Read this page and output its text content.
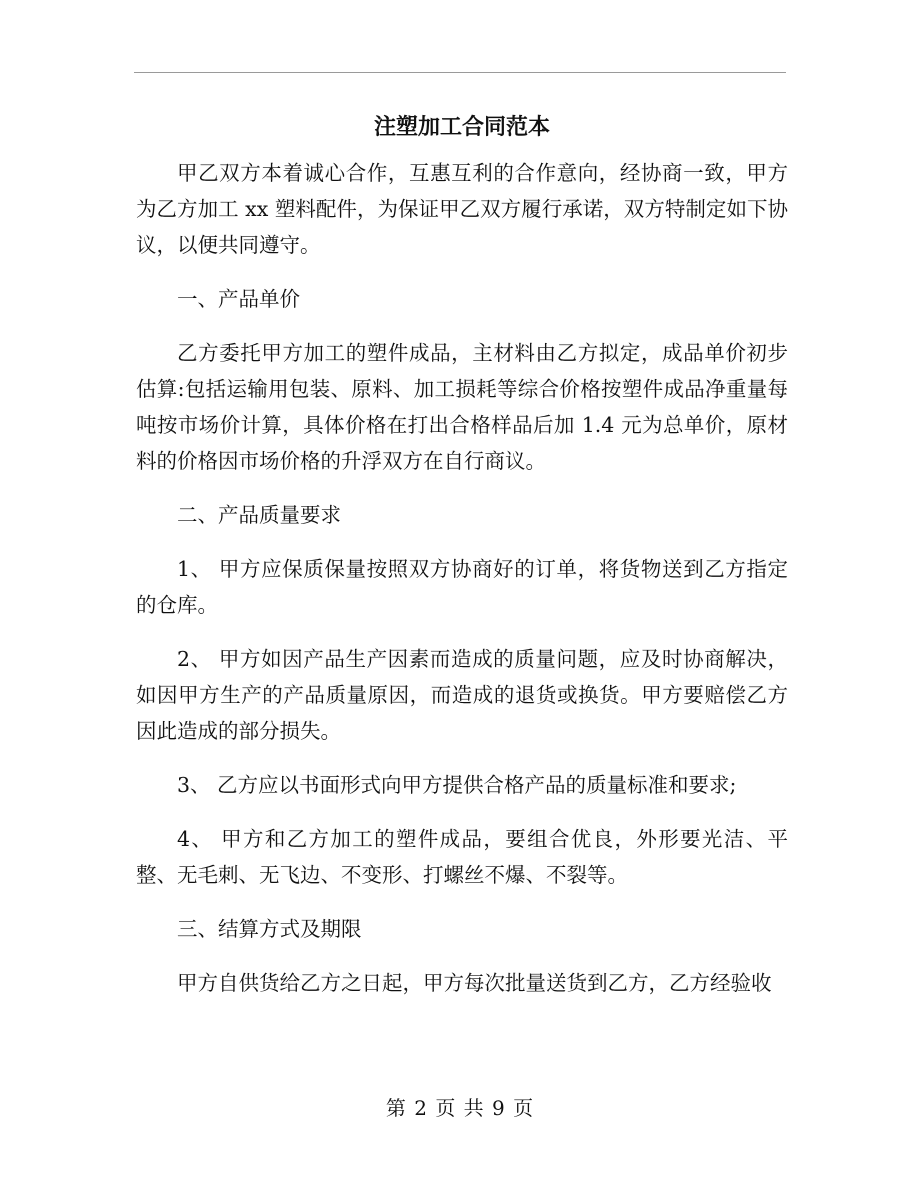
注塑加工合同范本

甲乙双方本着诚心合作，互惠互利的合作意向，经协商一致，甲方为乙方加工 xx 塑料配件，为保证甲乙双方履行承诺，双方特制定如下协议，以便共同遵守。

一、产品单价

乙方委托甲方加工的塑件成品，主材料由乙方拟定，成品单价初步估算:包括运输用包装、原料、加工损耗等综合价格按塑件成品净重量每吨按市场价计算，具体价格在打出合格样品后加 1.4 元为总单价，原材料的价格因市场价格的升浮双方在自行商议。

二、产品质量要求

1、 甲方应保质保量按照双方协商好的订单，将货物送到乙方指定的仓库。

2、 甲方如因产品生产因素而造成的质量问题，应及时协商解决，如因甲方生产的产品质量原因，而造成的退货或换货。甲方要赔偿乙方因此造成的部分损失。

3、 乙方应以书面形式向甲方提供合格产品的质量标准和要求;

4、 甲方和乙方加工的塑件成品，要组合优良，外形要光洁、平整、无毛刺、无飞边、不变形、打螺丝不爆、不裂等。

三、结算方式及期限

甲方自供货给乙方之日起，甲方每次批量送货到乙方，乙方经验收

第 2 页 共 9 页
